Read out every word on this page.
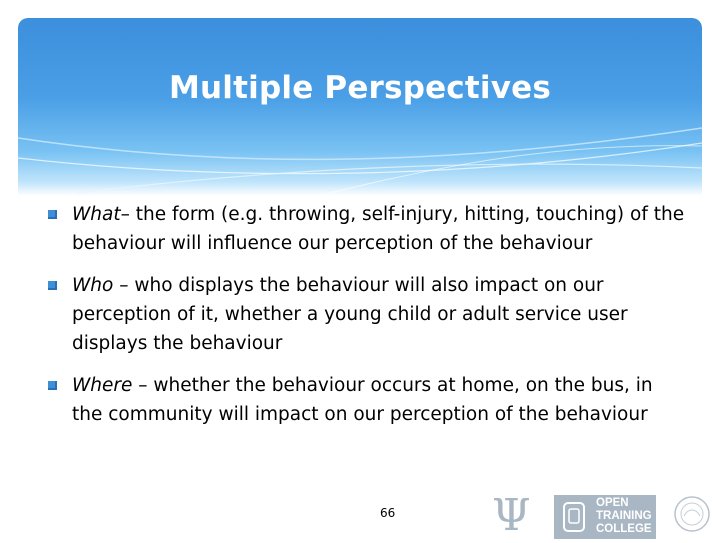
Multiple Perspectives
What– the form (e.g. throwing, self-injury, hitting, touching) of the behaviour will influence our perception of the behaviour
Who – who displays the behaviour will also impact on our perception of it, whether a young child or adult service user displays the behaviour
Where – whether the behaviour occurs at home, on the bus, in the community will impact on our perception of the behaviour
66 Ψ	OPEN
TRAINING
COLLEGE
